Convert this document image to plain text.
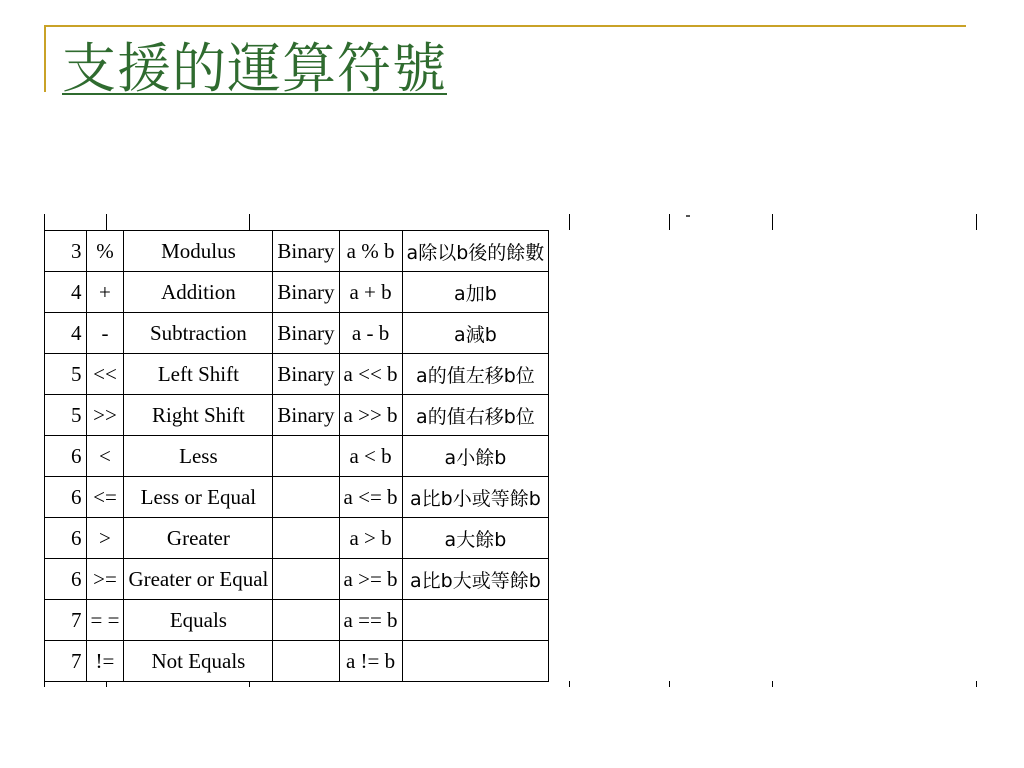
支援的運算符號
3	%	Modulus	Binary	a % b	a除以b後的餘數
4	+	Addition	Binary	a + b	a加b
4	-	Subtraction	Binary	a - b	a減b
5	<<	Left Shift	Binary	a << b	a的值左移b位
5	>>	Right Shift	Binary	a >> b	a的值右移b位
6	<	Less		a < b	a小餘b
6	<=	Less or Equal		a <= b	a比b小或等餘b
6	>	Greater		a > b	a大餘b
6	>=	Greater or Equal		a >= b	a比b大或等餘b
7	= =	Equals		a == b	
7	!=	Not Equals		a != b	
